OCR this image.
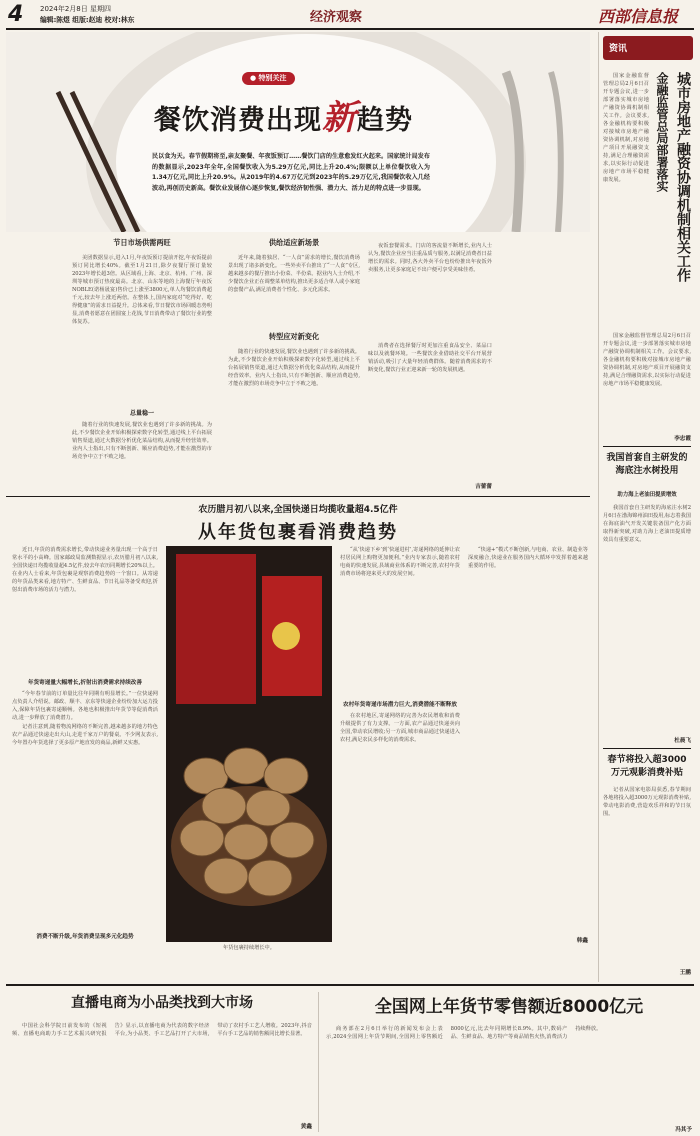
4 2024年2月8日 星期四
编辑:陈煜 组版:赵迪 校对:林东	经济观察	西部信息报
● 特别关注
餐饮消费出现新趋势
民以食为天。春节假期将至,亲友聚餐、年夜饭预订……餐饮门店的生意愈发红火起来。国家统计局发布的数据显示,2023年全年,全国餐饮收入为5.29万亿元,同比上升20.4%;限额以上单位餐饮收入为1.34万亿元,同比上升20.9%。从2019年的4.67万亿元到2023年的5.29万亿元,我国餐饮收入几经波动,再创历史新高。餐饮业发展信心逐步恢复,餐饮经济韧性强、潜力大、活力足的特点进一步显现。
节日市场供需两旺

美团数据显示,进入1月,年夜饭预订提前开挖,年夜饭提前预订同比增长40%。截至1月21日,除夕夜餐厅预订量较2023年增长超3倍。从区域看,上海、北京、杭州、广州、深圳等城市预订热度最高。北京、山东等地的上海餐厅年夜饭NOBLE(诺杨晟宴)售价已上涨至3800元,单人均餐饮消费超千元,较去年上涨近两倍。在整体上,国内家庭对“吃得好、吃得健康”的需求日益提升。总体来看,节日餐饮市场回暖态势明显,消费者愿意在团圆宴上花钱,节日消费带动了餐饮行业的整体复苏。

总量稳一

随着行业的快速发展,餐饮业也遇到了许多新的挑战。为此,不少餐饮企业开始积极探索数字化转型,通过线上平台拓展销售渠道,通过大数据分析优化菜品结构,从而提升经营效率。业内人士指出,只有不断创新、顺应消费趋势,才能在激烈的市场竞争中立于不败之地。

供给适应新场景

近年来,随着独居、“一人食”需求的增长,餐饮消费场景出现了诸多新变化。一些外卖平台推出了“一人食”专区,越来越多的餐厅推出小份菜、半份菜。据业内人士介绍,不少餐饮企业正在调整菜单结构,推出更多适合单人或小家庭的套餐产品,满足消费者个性化、多元化需求。

转型应对新变化

随着行业的快速发展,餐饮业也遇到了许多新的挑战。为此,不少餐饮企业开始积极探索数字化转型,通过线上平台拓展销售渠道,通过大数据分析优化菜品结构,从而提升经营效率。业内人士指出,只有不断创新、顺应消费趋势,才能在激烈的市场竞争中立于不败之地。

夜饭套餐需求。门店的客流量不断增长,业内人士认为,餐饮企业应当注重品质与服务,以满足消费者日益增长的需求。同时,各大外卖平台也纷纷推出年夜饭外卖服务,让更多家庭足不出户便可享受美味佳肴。

消费者在选择餐厅时更加注重食品安全、菜品口味以及就餐环境。一些餐饮企业借助社交平台开展营销活动,吸引了大量年轻消费群体。随着消费需求的不断变化,餐饮行业正迎来新一轮的发展机遇。

吉蕾蕾
农历腊月初八以来,全国快递日均揽收量超4.5亿件
从年货包裹看消费趋势

近日,年货的消费需求增长,带动快递业务量出现一个高于日常水平的小高峰。国家邮政局监测数据显示,农历腊月初八以来,全国快递日均揽收量超4.5亿件,较去年农历同期增长20%以上。在业内人士看来,年货包裹是观察消费趋势的一个窗口。从寄递的年货品类来看,地方特产、生鲜食品、节日礼品等备受欢迎,折射出消费市场的活力与潜力。

年货寄递量大幅增长,折射出消费需求持续改善

“今年春节前的订单量比往年同期有明显增长。”一位快递网点负责人介绍说。邮政、顺丰、京东等快递企业纷纷加大运力投入,保障年货包裹寄递顺畅。各地也积极推出年货节等促消费活动,进一步释放了消费潜力。

记者注意到,随着物流网络的不断完善,越来越多的地方特色农产品通过快递走出大山,走进千家万户的餐桌。不少网友表示,今年置办年货选择了更多原产地直发的商品,新鲜又实惠。

消费不断升级,年货消费呈现多元化趋势
年货包裹持续增长中。

“从‘快递下乡’到‘快递进村’,寄递网络的延伸让农村居民网上购物更加便利。”业内专家表示,随着农村电商的快速发展,县域商业体系的不断完善,农村年货消费市场将迎来更大的发展空间。

农村年货寄递市场潜力巨大,消费潜能不断释放

在农村地区,寄递网络的完善为农民增收和消费升级提供了有力支撑。一方面,农产品通过快递卖向全国,带动农民增收;另一方面,城市商品通过快递进入农村,满足农民多样化的消费需求。

“快递+”模式不断创新,与电商、农业、制造业等深度融合,快递业在服务国内大循环中发挥着越来越重要的作用。

韩鑫
资讯
城市房地产融资协调机制相关工作
金融监管总局部署落实

国家金融监督管理总局2月6日召开专题会议,进一步部署落实城市房地产融资协调机制相关工作。会议要求,各金融机构要积极对接城市房地产融资协调机制,对房地产项目开展融资支持,满足合理融资需求,以实际行动促进房地产市场平稳健康发展。

国家金融监督管理总局2月6日召开专题会议,进一步部署落实城市房地产融资协调机制相关工作。会议要求,各金融机构要积极对接城市房地产融资协调机制,对房地产项目开展融资支持,满足合理融资需求,以实际行动促进房地产市场平稳健康发展。

李忠霞
我国首套自主研发的海底注水树投用
助力海上老油田提质增效

我国首套自主研发的海底注水树2月6日在渤海锦州油田投用,标志着我国在海底油气开发关键装备国产化方面取得新突破,对助力海上老油田提质增效具有重要意义。

杜晨飞
春节将投入超3000万元观影消费补贴

记者从国家电影局获悉,春节期间各地将投入超3000万元观影消费补贴,带动电影消费,营造欢乐祥和的节日氛围。

王鹏
直播电商为小品类找到大市场

中国社会科学院日前发布的《短视频、直播电商助力手工艺术振兴研究报告》显示,以直播电商为代表的数字经济平台,为小品类、手工艺品打开了大市场,带动了农村手工艺人增收。2023年,抖音平台手工艺品的销售额同比增长显著。

黄鑫
全国网上年货节零售额近8000亿元

商务部在2月6日举行的新闻发布会上表示,2024全国网上年货节期间,全国网上零售额近8000亿元,比去年同期增长8.9%。其中,数码产品、生鲜食品、地方特产等商品销售火热,消费活力持续释放。

冯其予
